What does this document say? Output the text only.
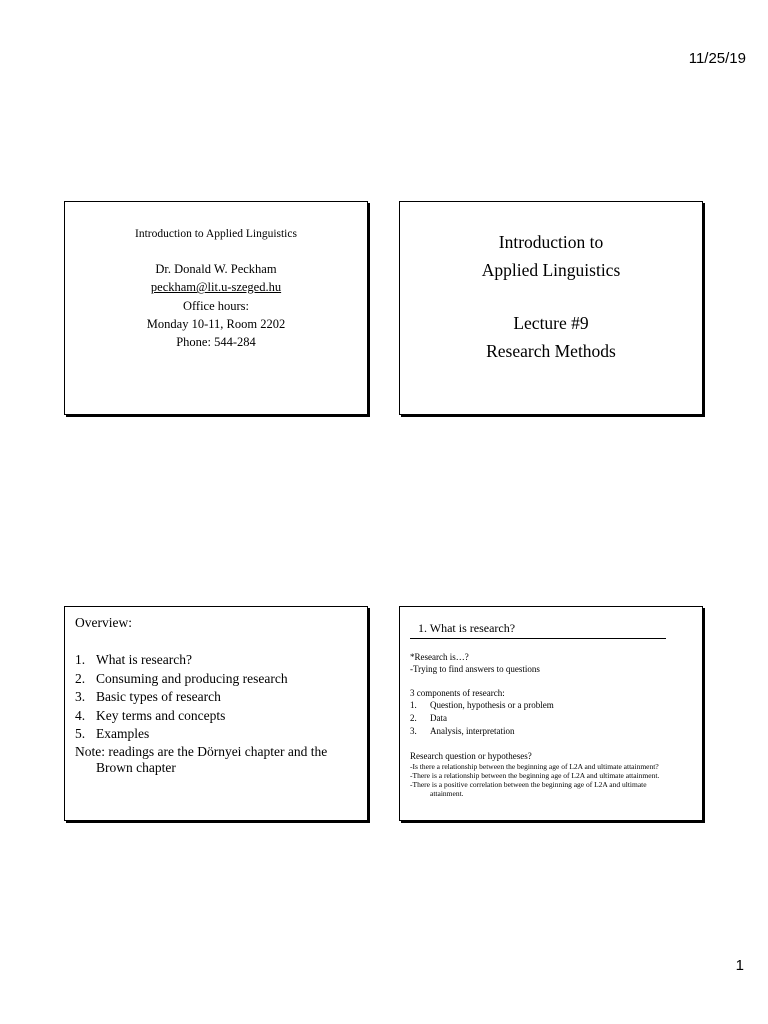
11/25/19
Introduction to Applied Linguistics
Dr. Donald W. Peckham
peckham@lit.u-szeged.hu
Office hours:
Monday 10-11, Room 2202
Phone: 544-284
Introduction to
Applied Linguistics
Lecture #9
Research Methods
Overview:
1. What is research?
2. Consuming and producing research
3. Basic types of research
4. Key terms and concepts
5. Examples
Note: readings are the Dörnyei chapter and the Brown chapter
1. What is research?
*Research is…?
-Trying to find answers to questions
3 components of research:
1.	Question, hypothesis or a problem
2.	Data
3.	Analysis, interpretation
Research question or hypotheses?
-Is there a relationship between the beginning age of L2A and ultimate attainment?
-There is a relationship between the beginning age of L2A and ultimate attainment.
-There is a positive correlation between the beginning age of L2A and ultimate
attainment.
1
